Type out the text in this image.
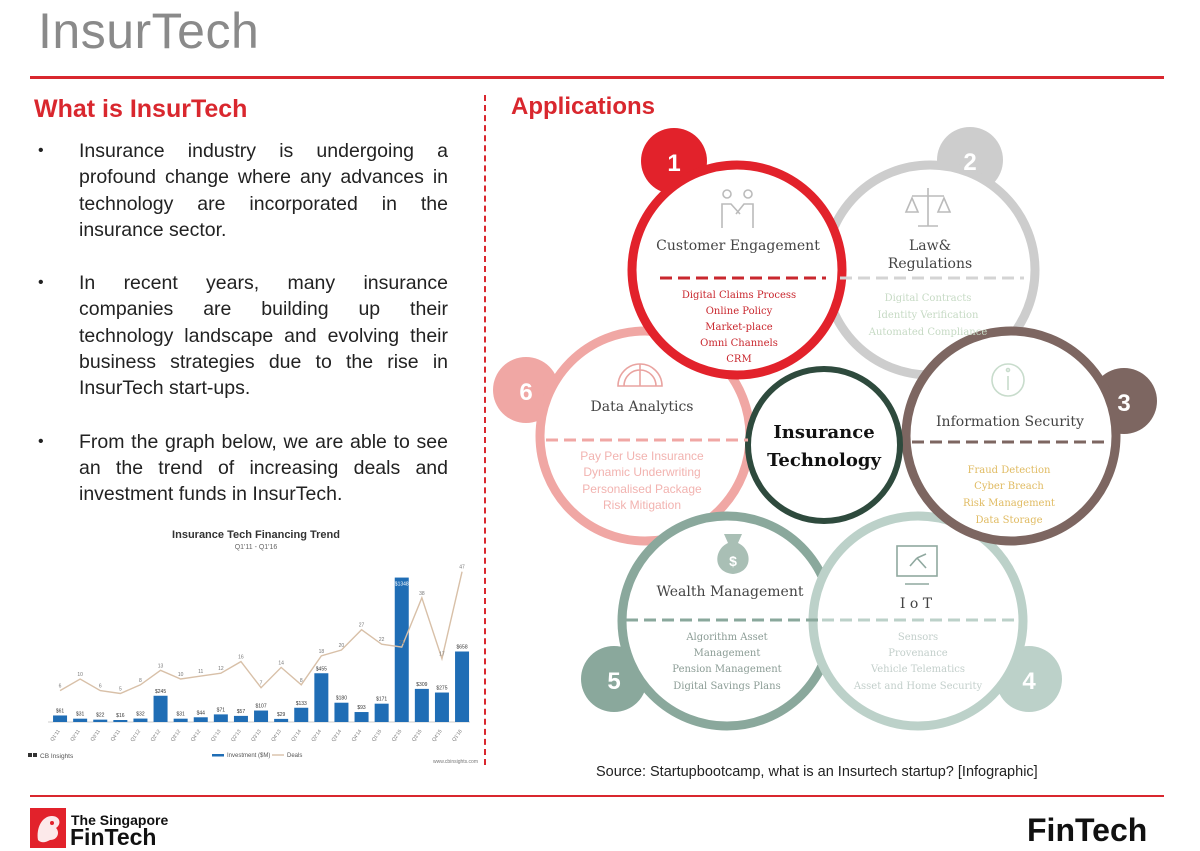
InsurTech
What is InsurTech
• Insurance industry is undergoing a profound change where any advances in technology are incorporated in the insurance sector.
• In recent years, many insurance companies are building up their technology landscape and evolving their business strategies due to the rise in InsurTech start-ups.
• From the graph below, we are able to see an the trend of increasing deals and investment funds in InsurTech.
Insurance Tech Financing Trend
Q1'11 - Q1'16
$61
$31 $22 $16 $32
$245
$31 $44 $71 $57
$107
$29
$133
$455
$180
$93
$171
$1348
$309
$275
$658
6
10
6	5
8
13
10	11	12
16
7
14
8
18
20
27
22	21
38
17
47
Q1'11 Q2'11 Q3'11 Q4'11 Q1'12 Q2'12 Q3'12 Q4'12 Q1'13 Q2'13 Q3'13 Q4'13 Q1'14 Q2'14 Q3'14 Q4'14 Q1'15 Q2'15 Q3'15 Q4'15 Q1'16
Investment ($M)	Deals
CB Insights
www.cbinsights.com
Applications
6
5	4
2
3
1
Insurance
Technology
$
Customer Engagement	Law&
Regulations
Information Security
I o T
Wealth Management
Data Analytics
Digital Claims Process
Online Policy
Market-place
Omni Channels
CRM
Digital Contracts
Identity Verification
Automated Compliance
Fraud Detection
Cyber Breach
Risk Management
Data Storage
Sensors
Provenance
Vehicle Telematics
Asset and Home Security
Algorithm Asset
Management
Pension Management
Digital Savings Plans
Pay Per Use Insurance
Dynamic Underwriting
Personalised Package
Risk Mitigation
Source: Startupbootcamp, what is an Insurtech startup? [Infographic]
The Singapore
FinTech	FinTech
